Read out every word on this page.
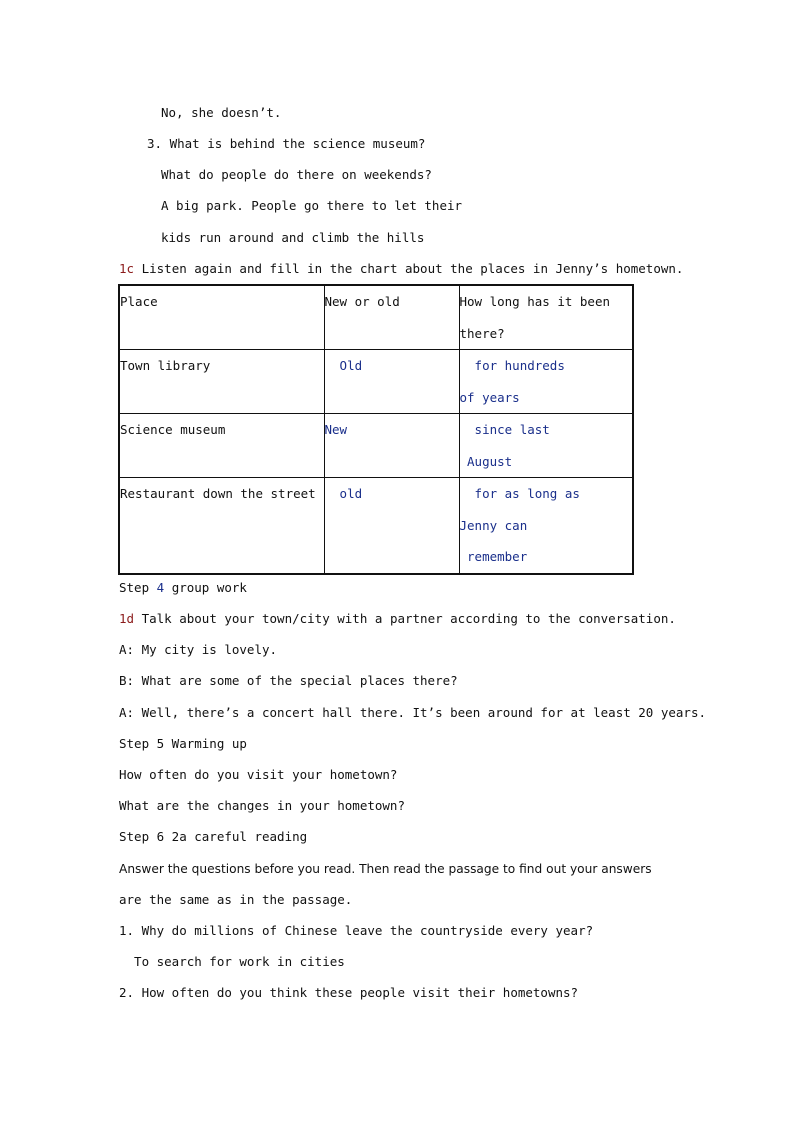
No, she doesn’t.
3. What is behind the science museum?
What do people do there on weekends?
A big park. People go there to let their
kids run around and climb the hills
1c Listen again and fill in the chart about the places in Jenny’s hometown.
Place	New or old	How long has it been
there?
Town library	Old	for hundreds
of years
Science museum	New	since last
August
Restaurant down the street	old	for as long as
Jenny can
remember
Step 4 group work
1d Talk about your town/city with a partner according to the conversation.
A: My city is lovely.
B: What are some of the special places there?
A: Well, there’s a concert hall there. It’s been around for at least 20 years.
Step 5 Warming up
How often do you visit your hometown?
What are the changes in your hometown?
Step 6 2a careful reading
Answer the questions before you read. Then read the passage to find out your answers
are the same as in the passage.
1. Why do millions of Chinese leave the countryside every year?
To search for work in cities
2. How often do you think these people visit their hometowns?
